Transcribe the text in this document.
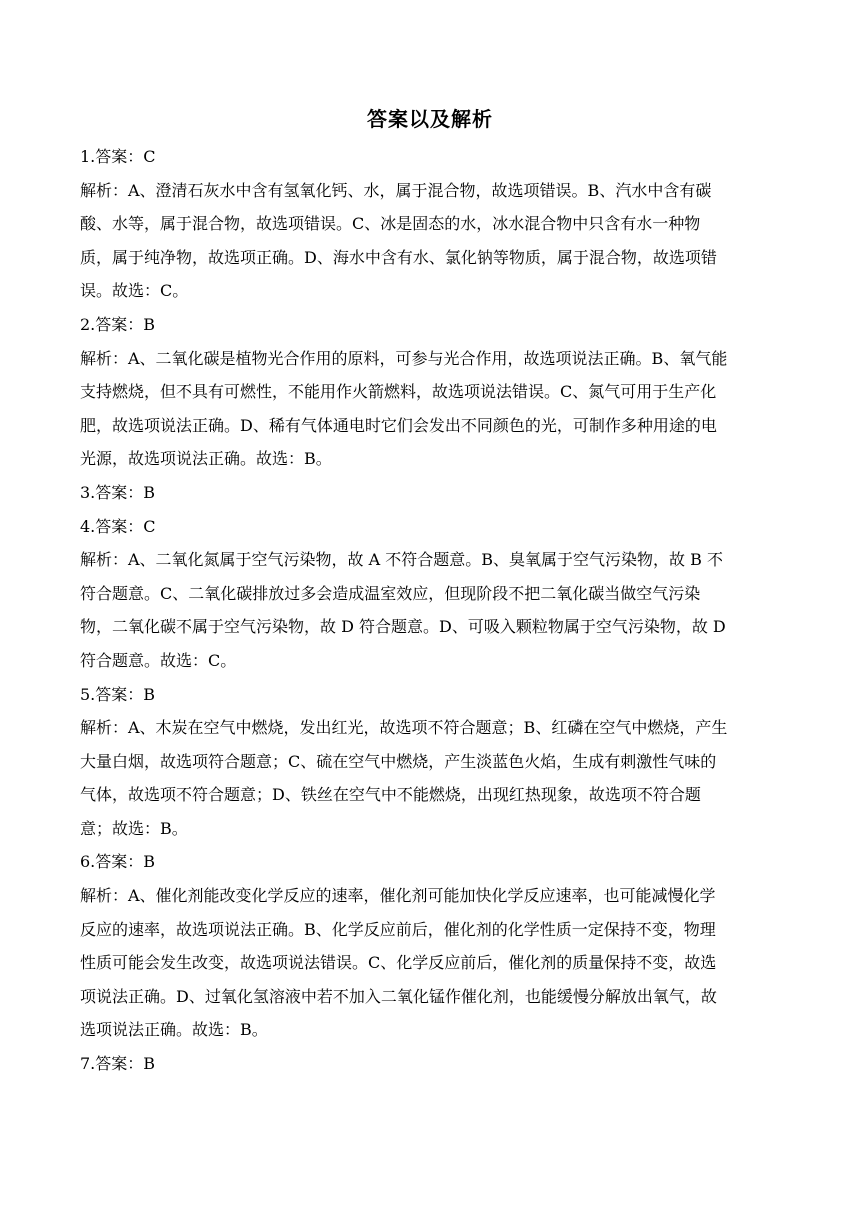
答案以及解析
1.答案：C
解析：A、澄清石灰水中含有氢氧化钙、水，属于混合物，故选项错误。B、汽水中含有碳
酸、水等，属于混合物，故选项错误。C、冰是固态的水，冰水混合物中只含有水一种物
质，属于纯净物，故选项正确。D、海水中含有水、氯化钠等物质，属于混合物，故选项错
误。故选：C。
2.答案：B
解析：A、二氧化碳是植物光合作用的原料，可参与光合作用，故选项说法正确。B、氧气能
支持燃烧，但不具有可燃性，不能用作火箭燃料，故选项说法错误。C、氮气可用于生产化
肥，故选项说法正确。D、稀有气体通电时它们会发出不同颜色的光，可制作多种用途的电
光源，故选项说法正确。故选：B。
3.答案：B
4.答案：C
解析：A、二氧化氮属于空气污染物，故 A 不符合题意。B、臭氧属于空气污染物，故 B 不
符合题意。C、二氧化碳排放过多会造成温室效应，但现阶段不把二氧化碳当做空气污染
物，二氧化碳不属于空气污染物，故 D 符合题意。D、可吸入颗粒物属于空气污染物，故 D
符合题意。故选：C。
5.答案：B
解析：A、木炭在空气中燃烧，发出红光，故选项不符合题意；B、红磷在空气中燃烧，产生
大量白烟，故选项符合题意；C、硫在空气中燃烧，产生淡蓝色火焰，生成有刺激性气味的
气体，故选项不符合题意；D、铁丝在空气中不能燃烧，出现红热现象，故选项不符合题
意；故选：B。
6.答案：B
解析：A、催化剂能改变化学反应的速率，催化剂可能加快化学反应速率，也可能减慢化学
反应的速率，故选项说法正确。B、化学反应前后，催化剂的化学性质一定保持不变，物理
性质可能会发生改变，故选项说法错误。C、化学反应前后，催化剂的质量保持不变，故选
项说法正确。D、过氧化氢溶液中若不加入二氧化锰作催化剂，也能缓慢分解放出氧气，故
选项说法正确。故选：B。
7.答案：B
